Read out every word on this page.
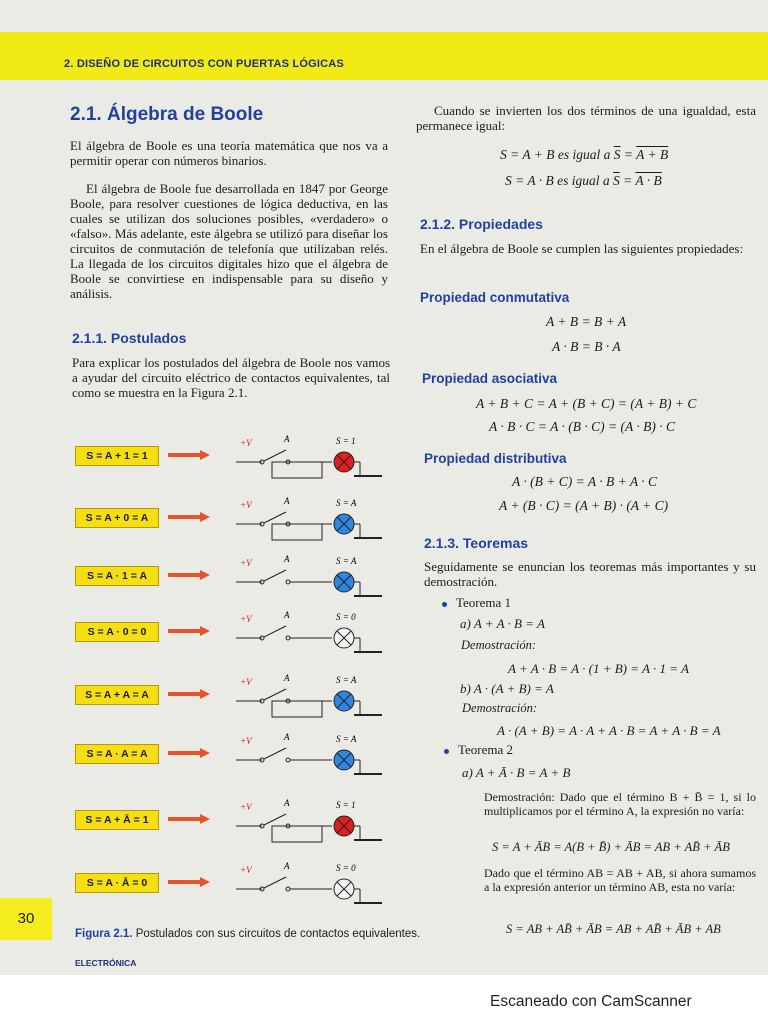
2. DISEÑO DE CIRCUITOS CON PUERTAS LÓGICAS
2.1. Álgebra de Boole
El álgebra de Boole es una teoría matemática que nos va a permitir operar con números binarios.
El álgebra de Boole fue desarrollada en 1847 por George Boole, para resolver cuestiones de lógica deductiva, en las cuales se utilizan dos soluciones posibles, «verdadero» o «falso». Más adelante, este álgebra se utilizó para diseñar los circuitos de conmutación de telefonía que utilizaban relés. La llegada de los circuitos digitales hizo que el álgebra de Boole se convirtiese en indispensable para su diseño y análisis.
2.1.1. Postulados
Para explicar los postulados del álgebra de Boole nos vamos a ayudar del circuito eléctrico de contactos equivalentes, tal como se muestra en la Figura 2.1.
Figura 2.1. Postulados con sus circuitos de contactos equivalentes.
Cuando se invierten los dos términos de una igualdad, esta permanece igual:
S = A + B es igual a $\overline{S} = A + B$
S = A · B es igual a $\overline{S} = A \cdot B$
2.1.2. Propiedades
En el álgebra de Boole se cumplen las siguientes propiedades:
Propiedad conmutativa
A + B = B + A
A · B = B · A
Propiedad asociativa
A + B + C = A + (B + C) = (A + B) + C
A · B · C = A · (B · C) = (A · B) · C
Propiedad distributiva
A · (B + C) = A · B + A · C
A + (B · C) = (A + B) · (A + C)
2.1.3. Teoremas
Seguidamente se enuncian los teoremas más importantes y su demostración.
Teorema 1
a) A + A · B = A
Demostración:
A + A · B = A · (1 + B) = A · 1 = A
b) A · (A + B) = A
Demostración:
A · (A + B) = A · A + A · B = A + A · B = A
Teorema 2
a) A + Ā · B = A + B
Demostración: Dado que el término B + B̄ = 1, si lo multiplicamos por el término A, la expresión no varía:
S = A + ĀB = A(B + B̄) + ĀB = AB + AB̄ + ĀB
Dado que el término AB = AB + AB, si ahora sumamos a la expresión anterior un término AB, esta no varía:
S = AB + AB̄ + ĀB = AB + AB̄ + ĀB + AB
30
ELECTRÓNICA
S = A + 1 = 1
+V	A	S = 1
S = A + 0 = A
+V	A	S = A
S = A · 1 = A
+V	A	S = A
S = A · 0 = 0
+V	A	S = 0
S = A + A = A
+V	A	S = A
S = A · A = A
+V	A	S = A
S = A + Ā = 1
+V	A	S = 1
S = A · Ā = 0
+V	A	S = 0
Escaneado con CamScanner
